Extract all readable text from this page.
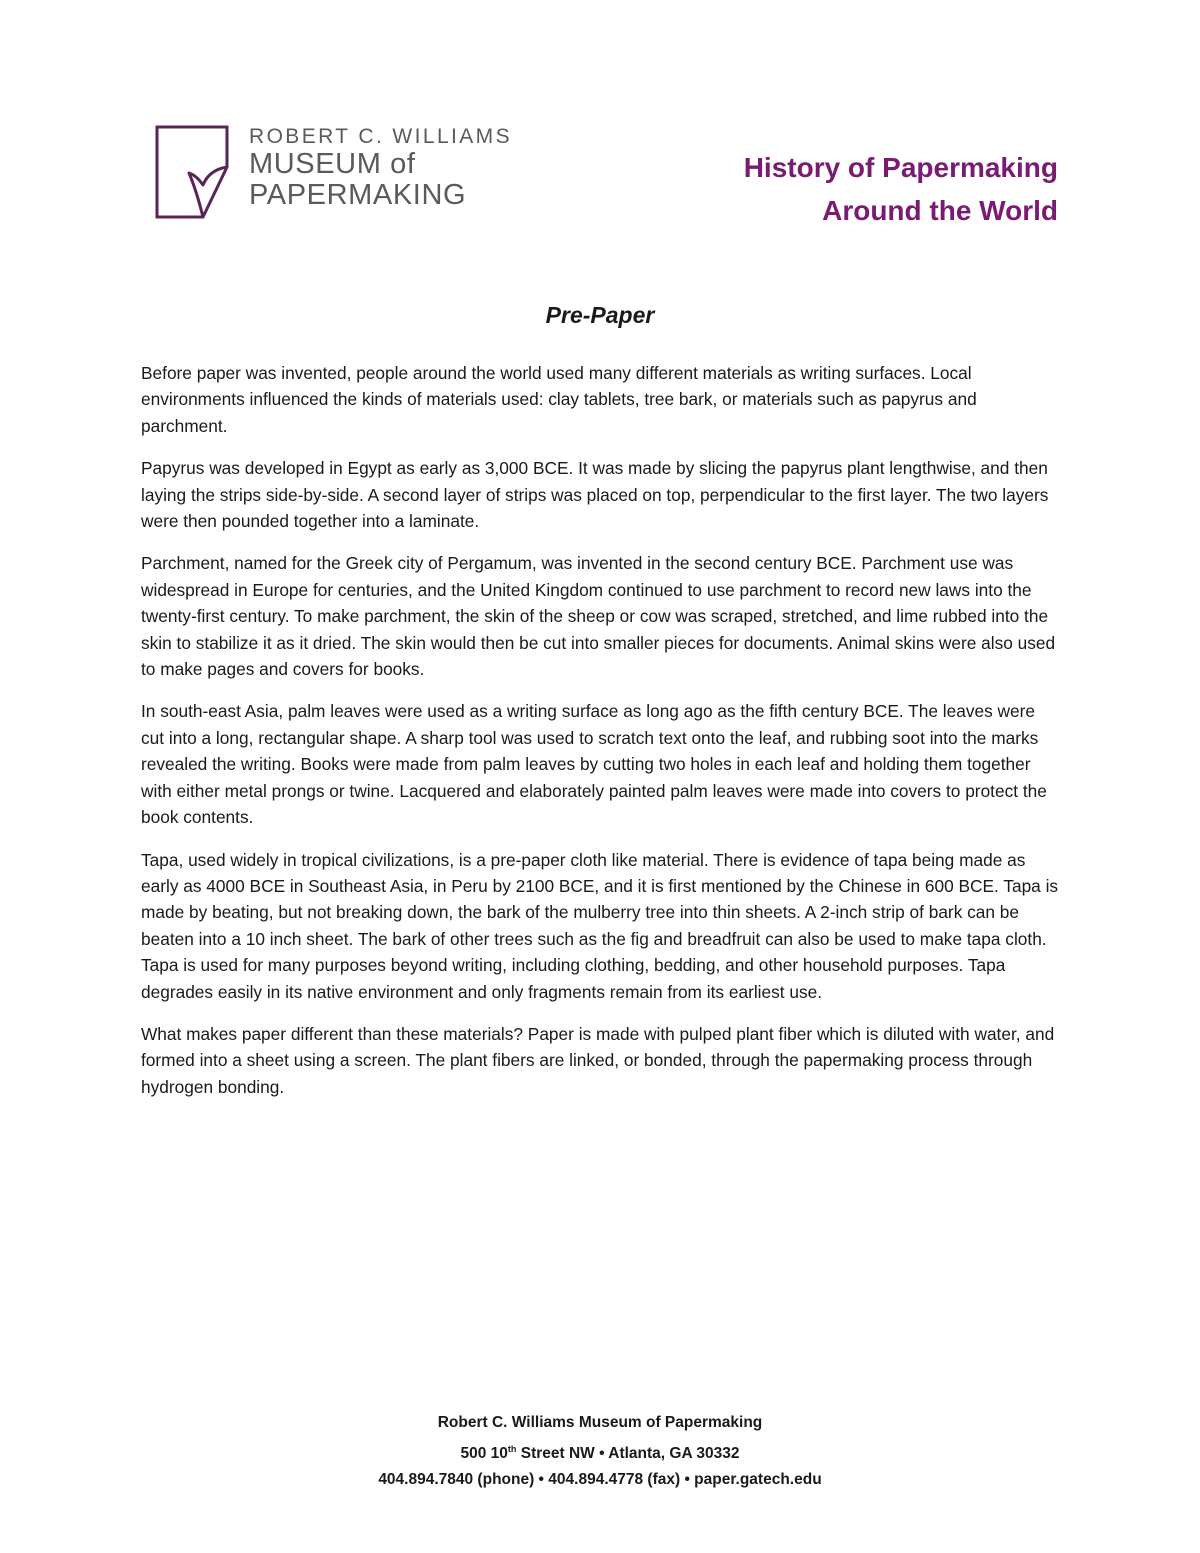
ROBERT C. WILLIAMS
MUSEUM of
PAPERMAKING
History of Papermaking
Around the World
Pre-Paper

Before paper was invented, people around the world used many different materials as writing surfaces. Local environments influenced the kinds of materials used: clay tablets, tree bark, or materials such as papyrus and parchment.

Papyrus was developed in Egypt as early as 3,000 BCE. It was made by slicing the papyrus plant lengthwise, and then laying the strips side-by-side. A second layer of strips was placed on top, perpendicular to the first layer. The two layers were then pounded together into a laminate.

Parchment, named for the Greek city of Pergamum, was invented in the second century BCE. Parchment use was widespread in Europe for centuries, and the United Kingdom continued to use parchment to record new laws into the twenty-first century. To make parchment, the skin of the sheep or cow was scraped, stretched, and lime rubbed into the skin to stabilize it as it dried. The skin would then be cut into smaller pieces for documents. Animal skins were also used to make pages and covers for books.

In south-east Asia, palm leaves were used as a writing surface as long ago as the fifth century BCE. The leaves were cut into a long, rectangular shape. A sharp tool was used to scratch text onto the leaf, and rubbing soot into the marks revealed the writing. Books were made from palm leaves by cutting two holes in each leaf and holding them together with either metal prongs or twine. Lacquered and elaborately painted palm leaves were made into covers to protect the book contents.

Tapa, used widely in tropical civilizations, is a pre-paper cloth like material. There is evidence of tapa being made as early as 4000 BCE in Southeast Asia, in Peru by 2100 BCE, and it is first mentioned by the Chinese in 600 BCE. Tapa is made by beating, but not breaking down, the bark of the mulberry tree into thin sheets. A 2-inch strip of bark can be beaten into a 10 inch sheet. The bark of other trees such as the fig and breadfruit can also be used to make tapa cloth. Tapa is used for many purposes beyond writing, including clothing, bedding, and other household purposes. Tapa degrades easily in its native environment and only fragments remain from its earliest use.

What makes paper different than these materials? Paper is made with pulped plant fiber which is diluted with water, and formed into a sheet using a screen. The plant fibers are linked, or bonded, through the papermaking process through hydrogen bonding.

Robert C. Williams Museum of Papermaking
500 10th Street NW • Atlanta, GA 30332
404.894.7840 (phone) • 404.894.4778 (fax) • paper.gatech.edu
